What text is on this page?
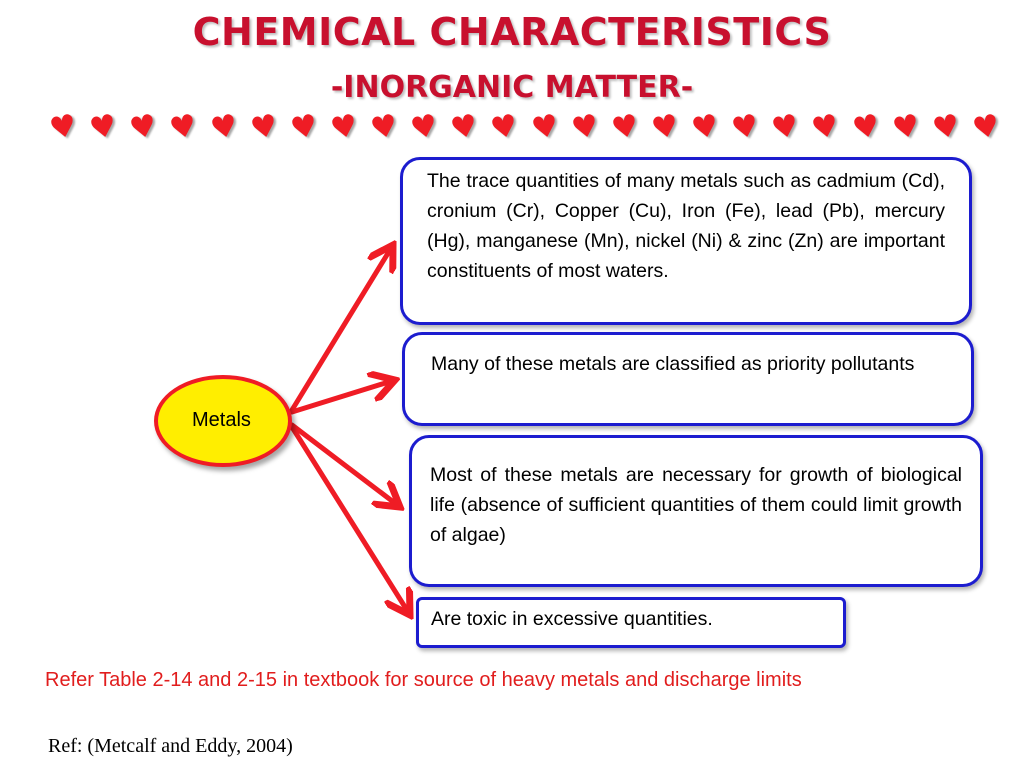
CHEMICAL CHARACTERISTICS
-INORGANIC MATTER-
♥ ♥ ♥ ♥ ♥ ♥ ♥ ♥ ♥ ♥ ♥ ♥ ♥ ♥ ♥ ♥ ♥ ♥ ♥ ♥ ♥ ♥ ♥ ♥
Metals
The trace quantities of many metals such as cadmium (Cd), cronium (Cr), Copper (Cu), Iron (Fe), lead (Pb), mercury (Hg), manganese (Mn), nickel (Ni) & zinc (Zn) are important constituents of most waters.
Many of these metals are classified as priority pollutants
Most of these metals are necessary for growth of biological life (absence of sufficient quantities of them could limit growth of algae)
Are toxic in excessive quantities.
Refer Table 2-14 and 2-15 in textbook for source of heavy metals and discharge limits
Ref: (Metcalf and Eddy, 2004)
